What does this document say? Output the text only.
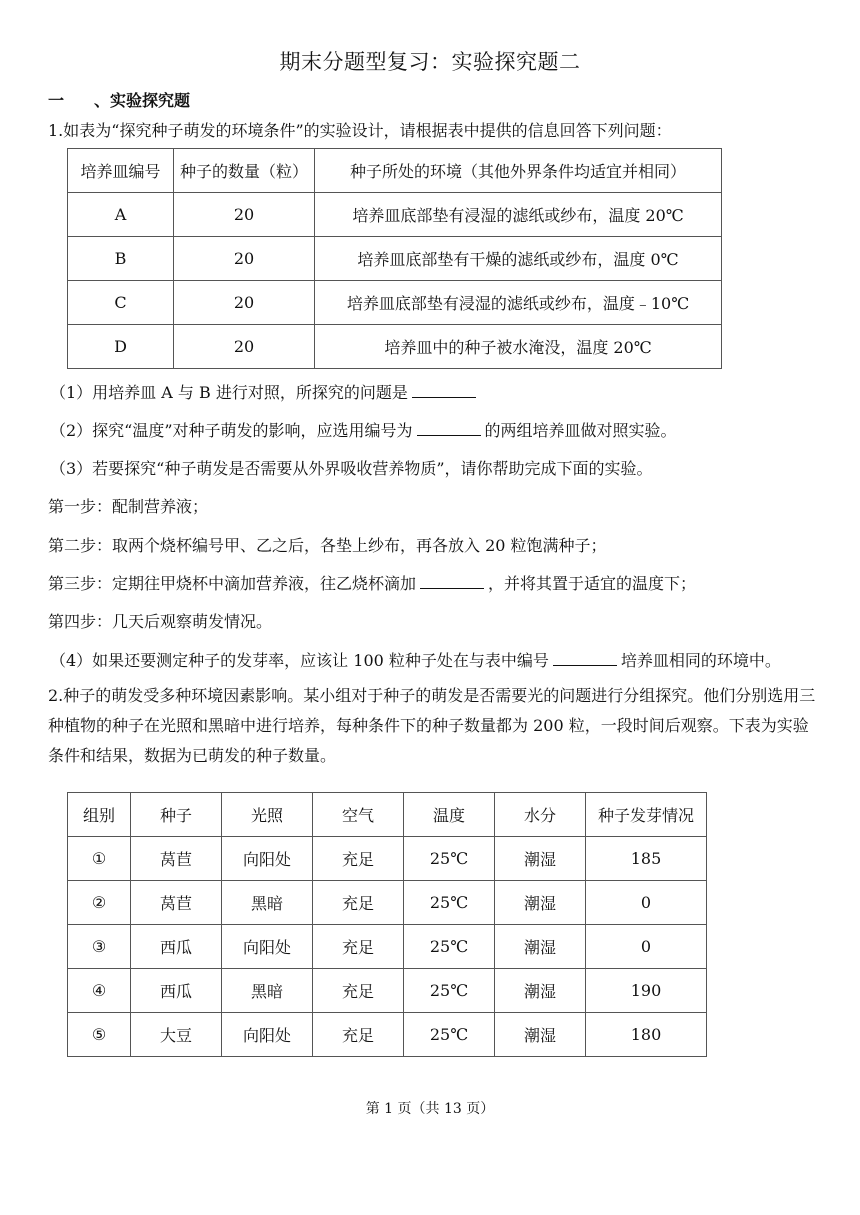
期末分题型复习：实验探究题二
一 、实验探究题
1.如表为“探究种子萌发的环境条件”的实验设计，请根据表中提供的信息回答下列问题：
培养皿编号	种子的数量（粒）	种子所处的环境（其他外界条件均适宜并相同）
A	20	培养皿底部垫有浸湿的滤纸或纱布，温度 20℃
B	20	培养皿底部垫有干燥的滤纸或纱布，温度 0℃
C	20	培养皿底部垫有浸湿的滤纸或纱布，温度﹣10℃
D	20	培养皿中的种子被水淹没，温度 20℃
（1）用培养皿 A 与 B 进行对照，所探究的问题是
（2）探究“温度”对种子萌发的影响，应选用编号为	的两组培养皿做对照实验。
（3）若要探究“种子萌发是否需要从外界吸收营养物质”，请你帮助完成下面的实验。
第一步：配制营养液；
第二步：取两个烧杯编号甲、乙之后，各垫上纱布，再各放入 20 粒饱满种子；
第三步：定期往甲烧杯中滴加营养液，往乙烧杯滴加	，并将其置于适宜的温度下；
第四步：几天后观察萌发情况。
（4）如果还要测定种子的发芽率，应该让 100 粒种子处在与表中编号	培养皿相同的环境中。
2.种子的萌发受多种环境因素影响。某小组对于种子的萌发是否需要光的问题进行分组探究。他们分别选用三种植物的种子在光照和黑暗中进行培养，每种条件下的种子数量都为 200 粒，一段时间后观察。下表为实验条件和结果，数据为已萌发的种子数量。
组别	种子	光照	空气	温度	水分	种子发芽情况
①	莴苣	向阳处	充足	25℃	潮湿	185
②	莴苣	黑暗	充足	25℃	潮湿	0
③	西瓜	向阳处	充足	25℃	潮湿	0
④	西瓜	黑暗	充足	25℃	潮湿	190
⑤	大豆	向阳处	充足	25℃	潮湿	180
第 1 页（共 13 页）
